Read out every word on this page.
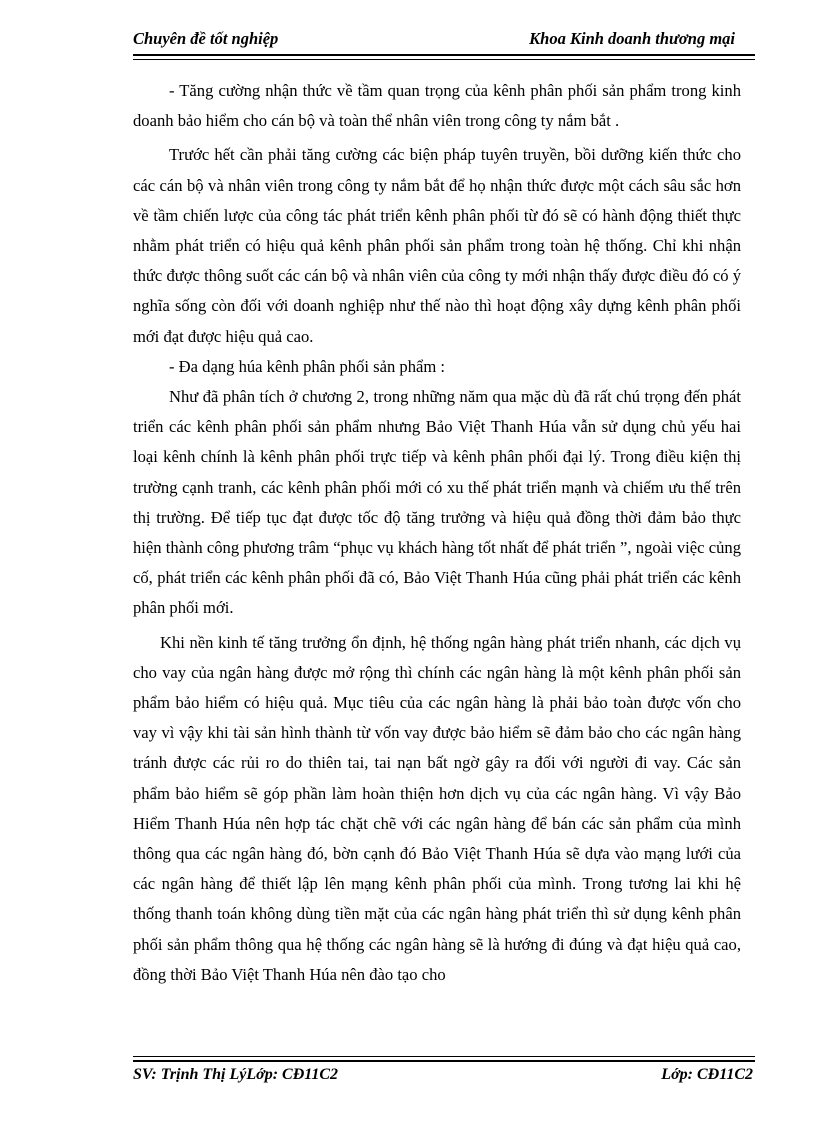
Chuyên đề tốt nghiệp	Khoa Kinh doanh thương mại

- Tăng cường nhận thức về tầm quan trọng của kênh phân phối sản phẩm trong kinh doanh bảo hiểm cho cán bộ và toàn thể nhân viên trong công ty nắm bắt .

Trước hết cần phải tăng cường các biện pháp tuyên truyền, bồi dưỡng kiến thức cho các cán bộ và nhân viên trong công ty nắm bắt để họ nhận thức được một cách sâu sắc hơn về tầm chiến lược của công tác phát triển kênh phân phối từ đó sẽ có hành động thiết thực nhằm phát triển có hiệu quả kênh phân phối sản phẩm trong toàn hệ thống. Chỉ khi nhận thức được thông suốt các cán bộ và nhân viên của công ty mới nhận thấy được điều đó có ý nghĩa sống còn đối với doanh nghiệp như thế nào thì hoạt động xây dựng kênh phân phối mới đạt được hiệu quả cao.

- Đa dạng húa kênh phân phối sản phẩm :

Như đã phân tích ở chương 2, trong những năm qua mặc dù đã rất chú trọng đến phát triển các kênh phân phối sản phẩm nhưng Bảo Việt Thanh Húa vẫn sử dụng chủ yếu hai loại kênh chính là kênh phân phối trực tiếp và kênh phân phối đại lý. Trong điều kiện thị trường cạnh tranh, các kênh phân phối mới có xu thế phát triển mạnh và chiếm ưu thế trên thị trường. Để tiếp tục đạt được tốc độ tăng trưởng và hiệu quả đồng thời đảm bảo thực hiện thành công phương trâm “phục vụ khách hàng tốt nhất để phát triển ”, ngoài việc củng cố, phát triển các kênh phân phối đã có, Bảo Việt Thanh Húa cũng phải phát triển các kênh phân phối mới.

Khi nền kinh tế tăng trưởng ổn định, hệ thống ngân hàng phát triển nhanh, các dịch vụ cho vay của ngân hàng được mở rộng thì chính các ngân hàng là một kênh phân phối sản phẩm bảo hiểm có hiệu quả. Mục tiêu của các ngân hàng là phải bảo toàn được vốn cho vay vì vậy khi tài sản hình thành từ vốn vay được bảo hiểm sẽ đảm bảo cho các ngân hàng tránh được các rủi ro do thiên tai, tai nạn bất ngờ gây ra đối với người đi vay. Các sản phẩm bảo hiểm sẽ góp phần làm hoàn thiện hơn dịch vụ của các ngân hàng. Vì vậy Bảo Hiểm Thanh Húa nên hợp tác chặt chẽ với các ngân hàng để bán các sản phẩm của mình thông qua các ngân hàng đó, bờn cạnh đó Bảo Việt Thanh Húa sẽ dựa vào mạng lưới của các ngân hàng để thiết lập lên mạng kênh phân phối của mình. Trong tương lai khi hệ thống thanh toán không dùng tiền mặt của các ngân hàng phát triển thì sử dụng kênh phân phối sản phẩm thông qua hệ thống các ngân hàng sẽ là hướng đi đúng và đạt hiệu quả cao, đồng thời Bảo Việt Thanh Húa nên đào tạo cho

SV: Trịnh Thị LýLớp: CĐ11C2	Lớp: CĐ11C2
